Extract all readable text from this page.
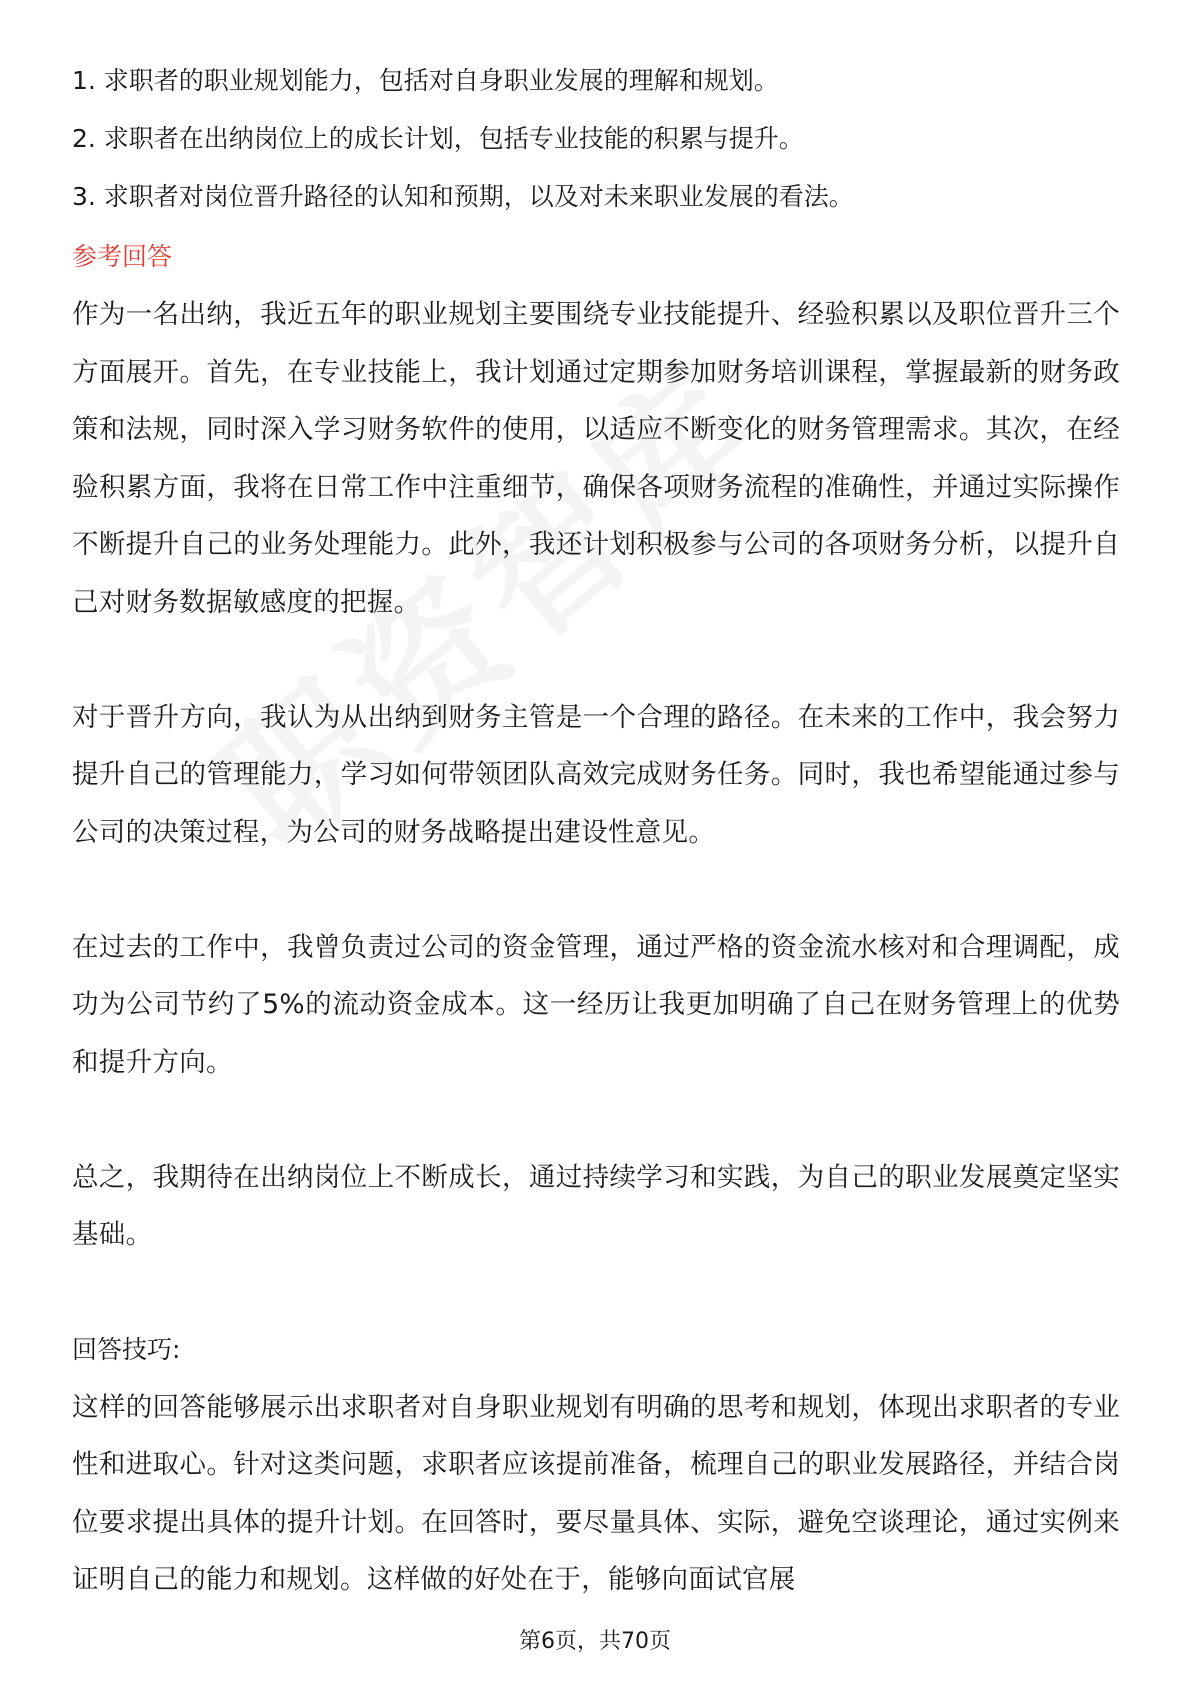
1. 求职者的职业规划能力，包括对自身职业发展的理解和规划。
2. 求职者在出纳岗位上的成长计划，包括专业技能的积累与提升。
3. 求职者对岗位晋升路径的认知和预期，以及对未来职业发展的看法。
参考回答

作为一名出纳，我近五年的职业规划主要围绕专业技能提升、经验积累以及职位晋升三个方面展开。首先，在专业技能上，我计划通过定期参加财务培训课程，掌握最新的财务政策和法规，同时深入学习财务软件的使用，以适应不断变化的财务管理需求。其次，在经验积累方面，我将在日常工作中注重细节，确保各项财务流程的准确性，并通过实际操作不断提升自己的业务处理能力。此外，我还计划积极参与公司的各项财务分析，以提升自己对财务数据敏感度的把握。

对于晋升方向，我认为从出纳到财务主管是一个合理的路径。在未来的工作中，我会努力提升自己的管理能力，学习如何带领团队高效完成财务任务。同时，我也希望能通过参与公司的决策过程，为公司的财务战略提出建设性意见。

在过去的工作中，我曾负责过公司的资金管理，通过严格的资金流水核对和合理调配，成功为公司节约了5%的流动资金成本。这一经历让我更加明确了自己在财务管理上的优势和提升方向。

总之，我期待在出纳岗位上不断成长，通过持续学习和实践，为自己的职业发展奠定坚实基础。

回答技巧:

这样的回答能够展示出求职者对自身职业规划有明确的思考和规划，体现出求职者的专业性和进取心。针对这类问题，求职者应该提前准备，梳理自己的职业发展路径，并结合岗位要求提出具体的提升计划。在回答时，要尽量具体、实际，避免空谈理论，通过实例来证明自己的能力和规划。这样做的好处在于，能够向面试官展

第6页，共70页
